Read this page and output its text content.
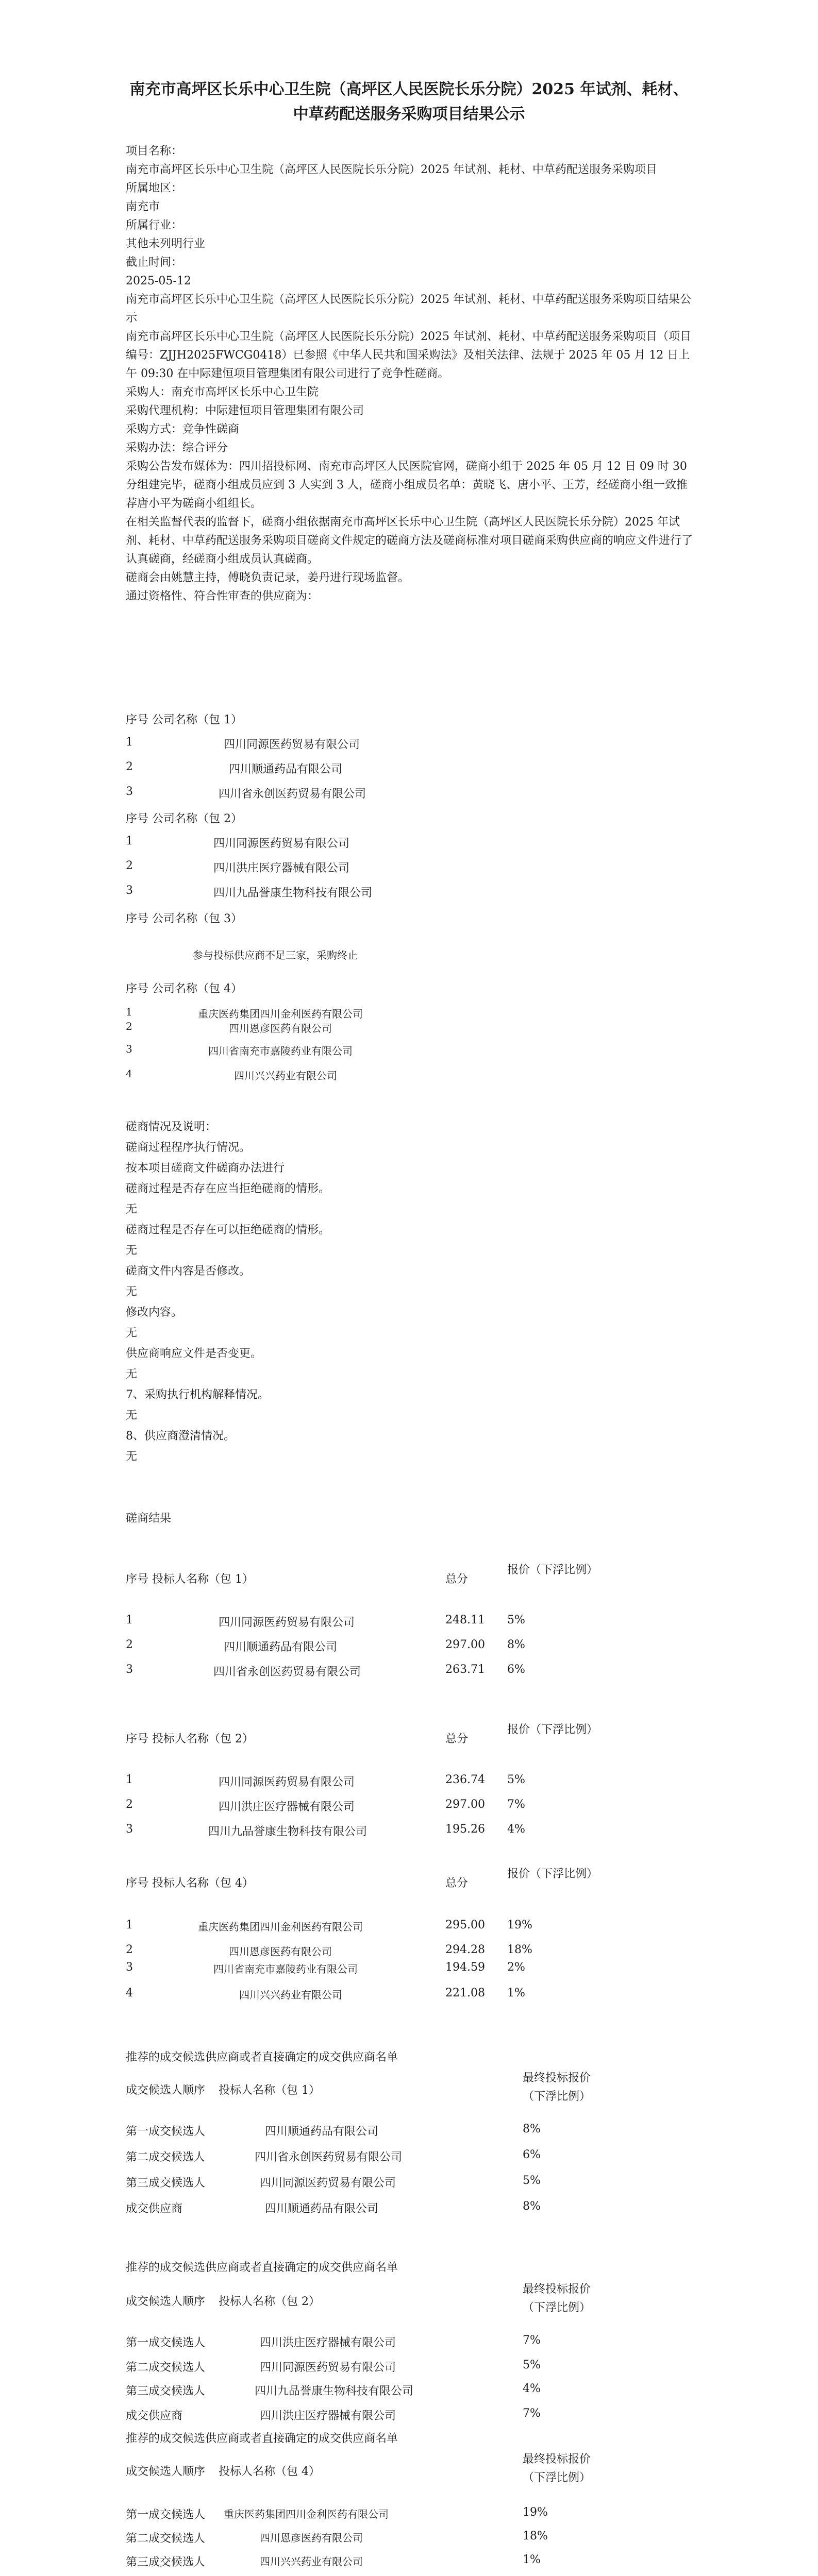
南充市高坪区长乐中心卫生院（高坪区人民医院长乐分院）2025 年试剂、耗材、
中草药配送服务采购项目结果公示

项目名称：

南充市高坪区长乐中心卫生院（高坪区人民医院长乐分院）2025 年试剂、耗材、中草药配送服务采购项目

所属地区：

南充市

所属行业：

其他未列明行业

截止时间：

2025-05-12

南充市高坪区长乐中心卫生院（高坪区人民医院长乐分院）2025 年试剂、耗材、中草药配送服务采购项目结果公示

南充市高坪区长乐中心卫生院（高坪区人民医院长乐分院）2025 年试剂、耗材、中草药配送服务采购项目（项目编号：ZJJH2025FWCG0418）已参照《中华人民共和国采购法》及相关法律、法规于 2025 年 05 月 12 日上午 09:30 在中际建恒项目管理集团有限公司进行了竞争性磋商。

采购人：南充市高坪区长乐中心卫生院

采购代理机构：中际建恒项目管理集团有限公司

采购方式：竞争性磋商

采购办法：综合评分

采购公告发布媒体为：四川招投标网、南充市高坪区人民医院官网，磋商小组于 2025 年 05 月 12 日 09 时 30 分组建完毕，磋商小组成员应到 3 人实到 3 人，磋商小组成员名单：黄晓飞、唐小平、王芳，经磋商小组一致推荐唐小平为磋商小组组长。

在相关监督代表的监督下，磋商小组依据南充市高坪区长乐中心卫生院（高坪区人民医院长乐分院）2025 年试剂、耗材、中草药配送服务采购项目磋商文件规定的磋商方法及磋商标准对项目磋商采购供应商的响应文件进行了认真磋商，经磋商小组成员认真磋商。

磋商会由姚慧主持，傅晓负责记录，姜丹进行现场监督。

通过资格性、符合性审查的供应商为：

序号 公司名称（包 1）
1	四川同源医药贸易有限公司
2	四川顺通药品有限公司
3	四川省永创医药贸易有限公司
序号 公司名称（包 2）
1	四川同源医药贸易有限公司
2	四川洪庄医疗器械有限公司
3	四川九品誉康生物科技有限公司
序号 公司名称（包 3）
参与投标供应商不足三家，采购终止
序号 公司名称（包 4）
1	重庆医药集团四川金利医药有限公司
2	四川恩彦医药有限公司
3	四川省南充市嘉陵药业有限公司
4	四川兴兴药业有限公司

磋商情况及说明：

磋商过程程序执行情况。

按本项目磋商文件磋商办法进行

磋商过程是否存在应当拒绝磋商的情形。

无

磋商过程是否存在可以拒绝磋商的情形。

无

磋商文件内容是否修改。

无

修改内容。

无

供应商响应文件是否变更。

无

7、采购执行机构解释情况。

无

8、供应商澄清情况。

无

磋商结果
序号 投标人名称（包 1）	总分
报价（下浮比例）
1	四川同源医药贸易有限公司	248.11 5%
2	四川顺通药品有限公司	297.00 8%
3	四川省永创医药贸易有限公司	263.71 6%
序号 投标人名称（包 2）	总分
报价（下浮比例）
1	四川同源医药贸易有限公司	236.74 5%
2	四川洪庄医疗器械有限公司	297.00 7%
3	四川九品誉康生物科技有限公司	195.26 4%
序号 投标人名称（包 4）	总分
报价（下浮比例）
1	重庆医药集团四川金利医药有限公司	295.00 19%
2	四川恩彦医药有限公司	294.28 18%
3	四川省南充市嘉陵药业有限公司	194.59 2%
4	四川兴兴药业有限公司	221.08 1%
推荐的成交候选供应商或者直接确定的成交供应商名单
成交候选人顺序 投标人名称（包 1）
最终投标报价（下浮比例）
第一成交候选人	四川顺通药品有限公司	8%
第二成交候选人	四川省永创医药贸易有限公司	6%
第三成交候选人	四川同源医药贸易有限公司	5%
成交供应商	四川顺通药品有限公司	8%
推荐的成交候选供应商或者直接确定的成交供应商名单
成交候选人顺序 投标人名称（包 2）
最终投标报价（下浮比例）
第一成交候选人	四川洪庄医疗器械有限公司	7%
第二成交候选人	四川同源医药贸易有限公司	5%
第三成交候选人	四川九品誉康生物科技有限公司	4%
成交供应商	四川洪庄医疗器械有限公司	7%
推荐的成交候选供应商或者直接确定的成交供应商名单
成交候选人顺序 投标人名称（包 4）
最终投标报价（下浮比例）
第一成交候选人 重庆医药集团四川金利医药有限公司	19%
第二成交候选人	四川恩彦医药有限公司	18%
第三成交候选人	四川兴兴药业有限公司	1%
